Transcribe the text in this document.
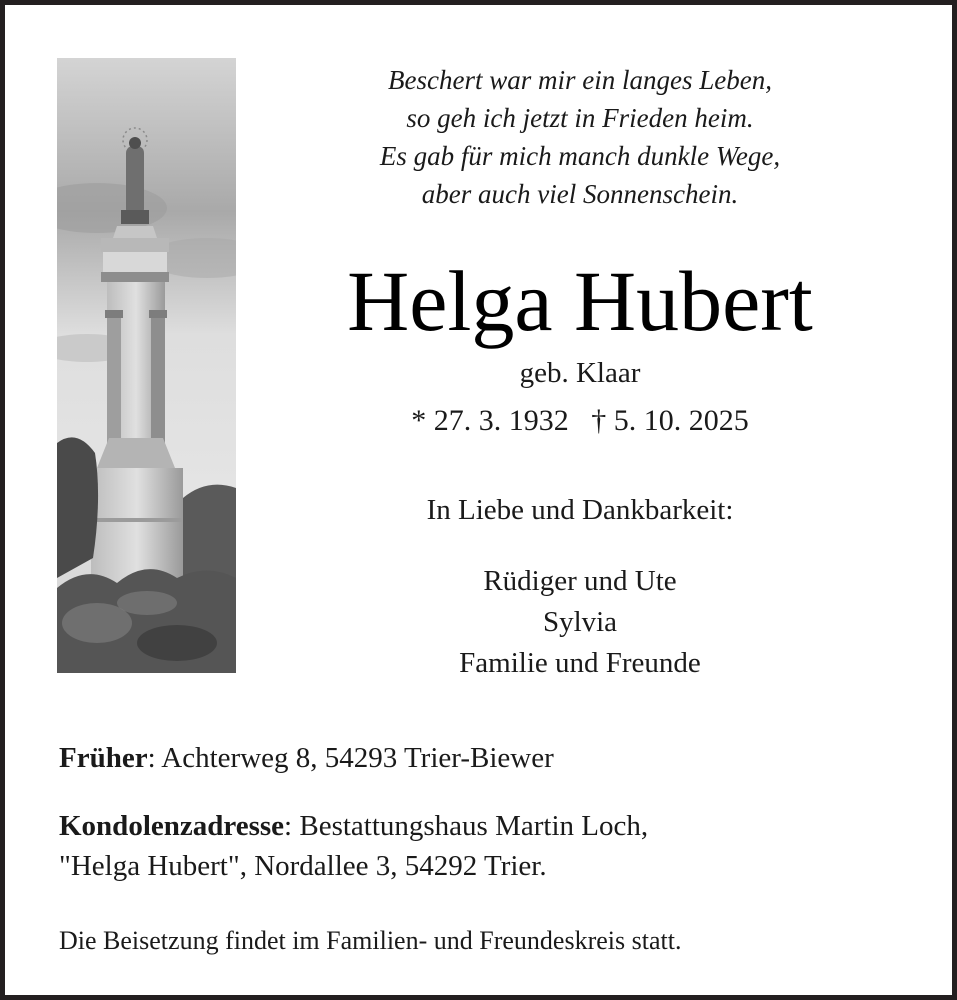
Beschert war mir ein langes Leben,
so geh ich jetzt in Frieden heim.
Es gab für mich manch dunkle Wege,
aber auch viel Sonnenschein.
Helga Hubert
geb. Klaar
* 27. 3. 1932 † 5. 10. 2025
In Liebe und Dankbarkeit:
Rüdiger und Ute
Sylvia
Familie und Freunde
Früher: Achterweg 8, 54293 Trier-Biewer
Kondolenzadresse: Bestattungshaus Martin Loch,
"Helga Hubert", Nordallee 3, 54292 Trier.
Die Beisetzung findet im Familien- und Freundeskreis statt.
